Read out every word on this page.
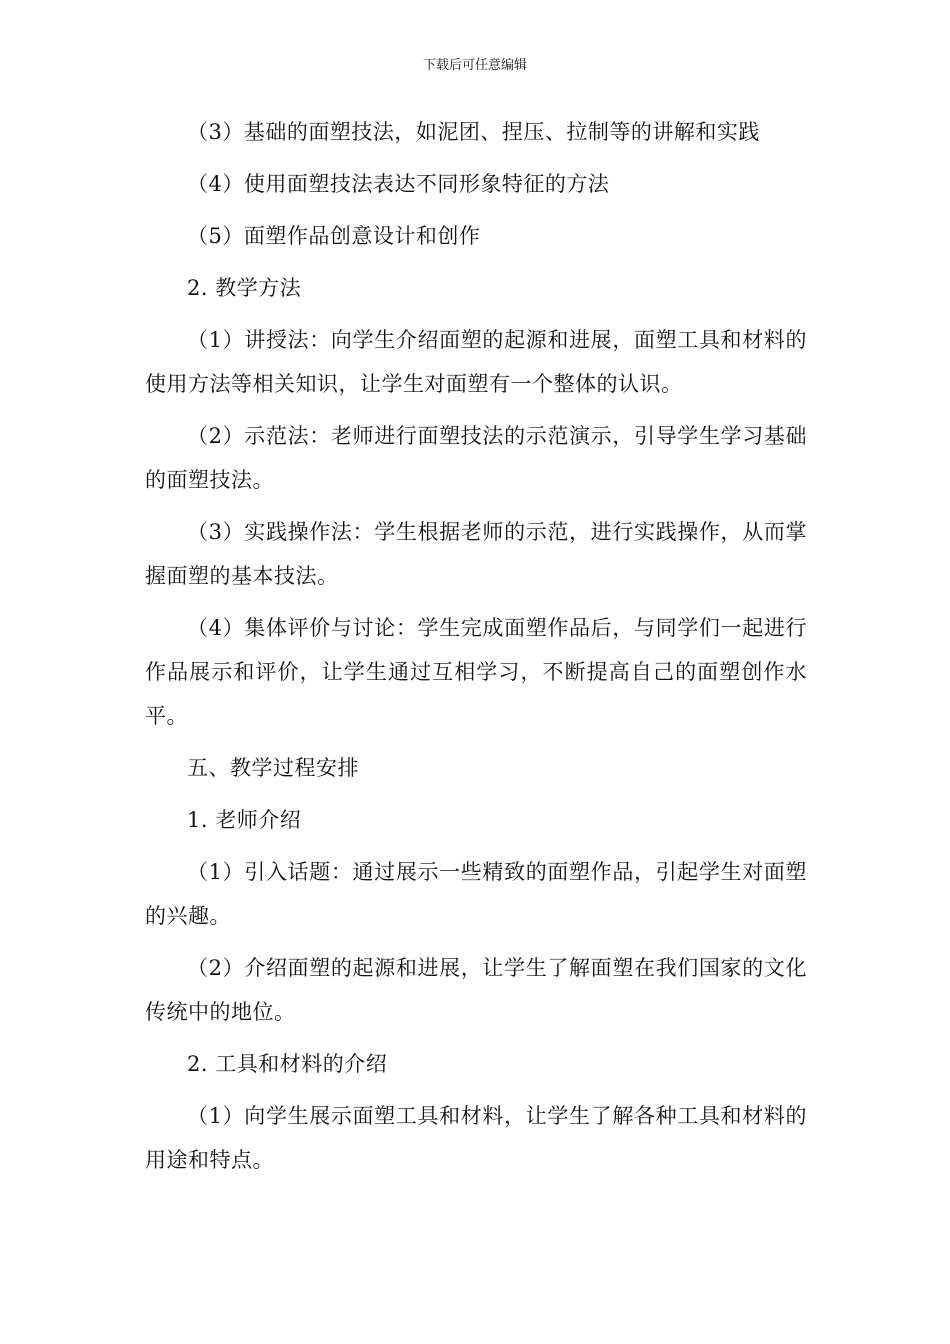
下载后可任意编辑

（3）基础的面塑技法，如泥团、捏压、拉制等的讲解和实践

（4）使用面塑技法表达不同形象特征的方法

（5）面塑作品创意设计和创作

2. 教学方法

（1）讲授法：向学生介绍面塑的起源和进展，面塑工具和材料的使用方法等相关知识，让学生对面塑有一个整体的认识。

（2）示范法：老师进行面塑技法的示范演示，引导学生学习基础的面塑技法。

（3）实践操作法：学生根据老师的示范，进行实践操作，从而掌握面塑的基本技法。

（4）集体评价与讨论：学生完成面塑作品后，与同学们一起进行作品展示和评价，让学生通过互相学习，不断提高自己的面塑创作水平。

五、教学过程安排

1. 老师介绍

（1）引入话题：通过展示一些精致的面塑作品，引起学生对面塑的兴趣。

（2）介绍面塑的起源和进展，让学生了解面塑在我们国家的文化传统中的地位。

2. 工具和材料的介绍

（1）向学生展示面塑工具和材料，让学生了解各种工具和材料的用途和特点。
